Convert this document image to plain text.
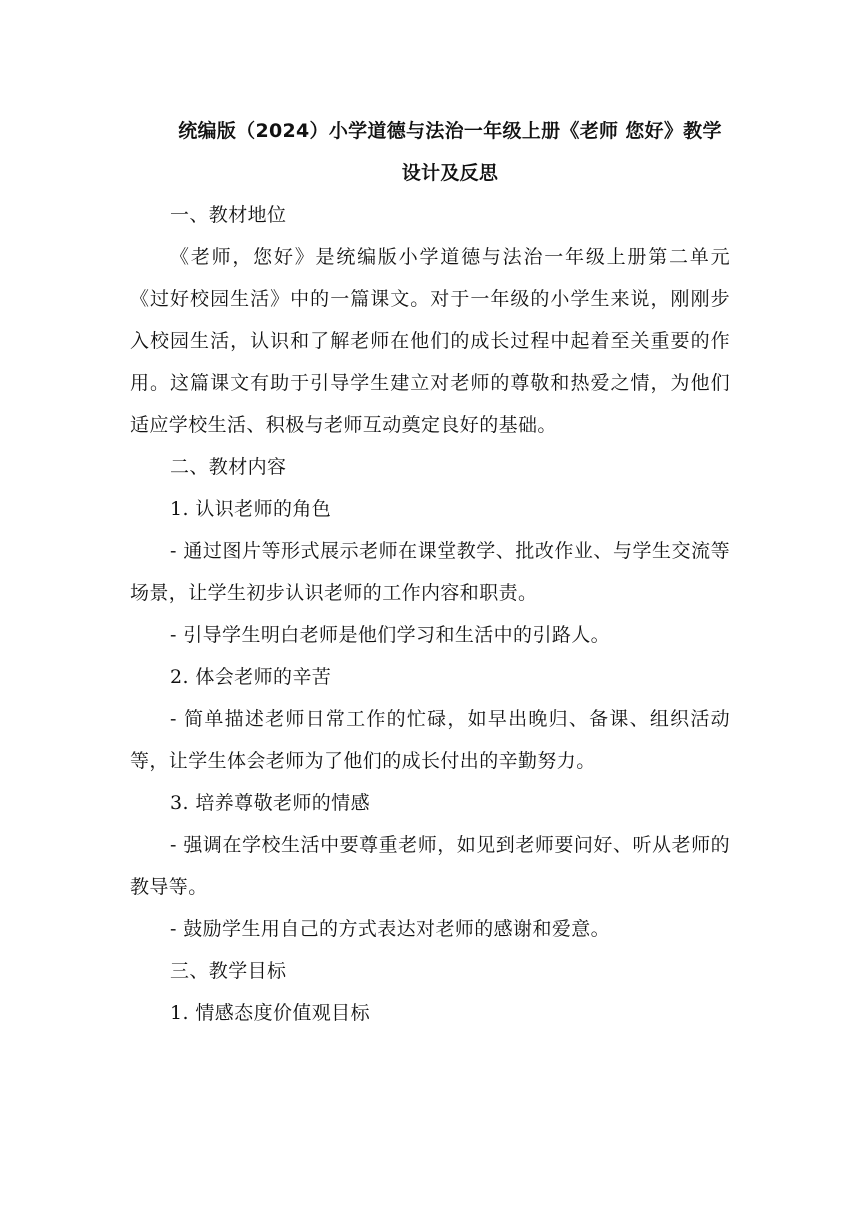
统编版（2024）小学道德与法治一年级上册《老师 您好》教学设计及反思

一、教材地位

《老师，您好》是统编版小学道德与法治一年级上册第二单元《过好校园生活》中的一篇课文。对于一年级的小学生来说，刚刚步入校园生活，认识和了解老师在他们的成长过程中起着至关重要的作用。这篇课文有助于引导学生建立对老师的尊敬和热爱之情，为他们适应学校生活、积极与老师互动奠定良好的基础。

二、教材内容

1. 认识老师的角色

- 通过图片等形式展示老师在课堂教学、批改作业、与学生交流等场景，让学生初步认识老师的工作内容和职责。

- 引导学生明白老师是他们学习和生活中的引路人。

2. 体会老师的辛苦

- 简单描述老师日常工作的忙碌，如早出晚归、备课、组织活动等，让学生体会老师为了他们的成长付出的辛勤努力。

3. 培养尊敬老师的情感

- 强调在学校生活中要尊重老师，如见到老师要问好、听从老师的教导等。

- 鼓励学生用自己的方式表达对老师的感谢和爱意。

三、教学目标

1. 情感态度价值观目标
